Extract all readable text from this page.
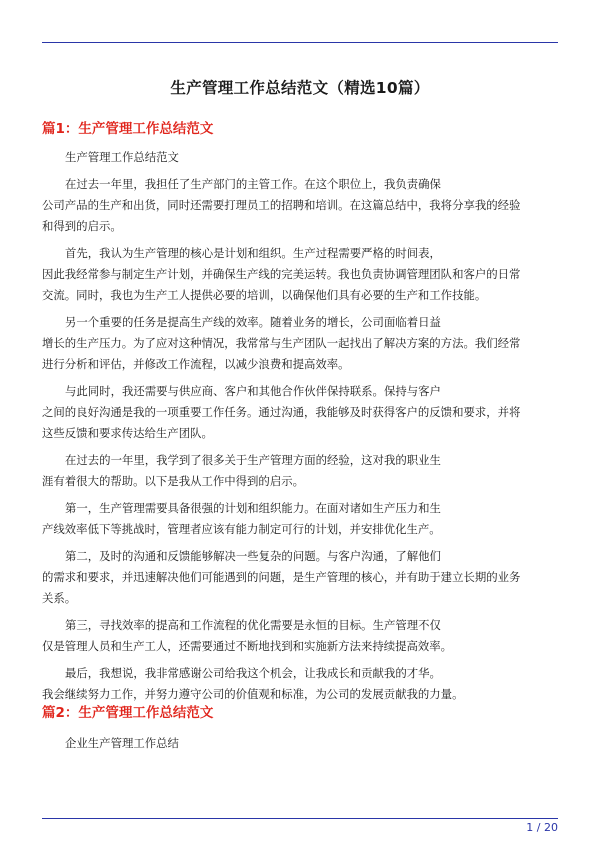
生产管理工作总结范文（精选10篇）
篇1：生产管理工作总结范文
生产管理工作总结范文
在过去一年里，我担任了生产部门的主管工作。在这个职位上，我负责确保
公司产品的生产和出货，同时还需要打理员工的招聘和培训。在这篇总结中，我将分享我的经验
和得到的启示。
首先，我认为生产管理的核心是计划和组织。生产过程需要严格的时间表，
因此我经常参与制定生产计划，并确保生产线的完美运转。我也负责协调管理团队和客户的日常
交流。同时，我也为生产工人提供必要的培训，以确保他们具有必要的生产和工作技能。
另一个重要的任务是提高生产线的效率。随着业务的增长，公司面临着日益
增长的生产压力。为了应对这种情况，我常常与生产团队一起找出了解决方案的方法。我们经常
进行分析和评估，并修改工作流程，以减少浪费和提高效率。
与此同时，我还需要与供应商、客户和其他合作伙伴保持联系。保持与客户
之间的良好沟通是我的一项重要工作任务。通过沟通，我能够及时获得客户的反馈和要求，并将
这些反馈和要求传达给生产团队。
在过去的一年里，我学到了很多关于生产管理方面的经验，这对我的职业生
涯有着很大的帮助。以下是我从工作中得到的启示。
第一，生产管理需要具备很强的计划和组织能力。在面对诸如生产压力和生
产线效率低下等挑战时，管理者应该有能力制定可行的计划，并安排优化生产。
第二，及时的沟通和反馈能够解决一些复杂的问题。与客户沟通，了解他们
的需求和要求，并迅速解决他们可能遇到的问题，是生产管理的核心，并有助于建立长期的业务
关系。
第三，寻找效率的提高和工作流程的优化需要是永恒的目标。生产管理不仅
仅是管理人员和生产工人，还需要通过不断地找到和实施新方法来持续提高效率。
最后，我想说，我非常感谢公司给我这个机会，让我成长和贡献我的才华。
我会继续努力工作，并努力遵守公司的价值观和标准，为公司的发展贡献我的力量。
篇2：生产管理工作总结范文
企业生产管理工作总结
1 / 20
